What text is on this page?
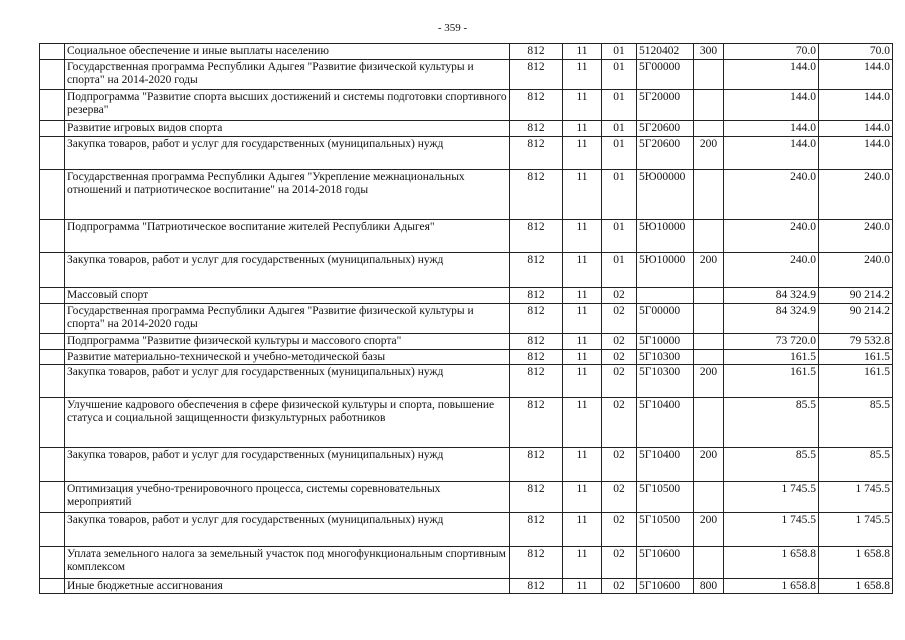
- 359 -
	Социальное обеспечение и иные выплаты населению	812	11	01	5120402	300	70.0	70.0
	Государственная программа Республики Адыгея "Развитие физической культуры и спорта" на 2014-2020 годы	812	11	01	5Г00000		144.0	144.0
	Подпрограмма "Развитие спорта высших достижений и системы подготовки спортивного резерва"	812	11	01	5Г20000		144.0	144.0
	Развитие игровых видов спорта	812	11	01	5Г20600		144.0	144.0
	Закупка товаров, работ и услуг для государственных (муниципальных) нужд	812	11	01	5Г20600	200	144.0	144.0
	Государственная программа Республики Адыгея "Укрепление межнациональных отношений и патриотическое воспитание" на 2014-2018 годы	812	11	01	5Ю00000		240.0	240.0
	Подпрограмма "Патриотическое воспитание жителей Республики Адыгея"	812	11	01	5Ю10000		240.0	240.0
	Закупка товаров, работ и услуг для государственных (муниципальных) нужд	812	11	01	5Ю10000	200	240.0	240.0
	Массовый спорт	812	11	02			84 324.9	90 214.2
	Государственная программа Республики Адыгея "Развитие физической культуры и спорта" на 2014-2020 годы	812	11	02	5Г00000		84 324.9	90 214.2
	Подпрограмма "Развитие физической культуры и массового спорта"	812	11	02	5Г10000		73 720.0	79 532.8
	Развитие материально-технической и учебно-методической базы	812	11	02	5Г10300		161.5	161.5
	Закупка товаров, работ и услуг для государственных (муниципальных) нужд	812	11	02	5Г10300	200	161.5	161.5
	Улучшение кадрового обеспечения в сфере физической культуры и спорта, повышение статуса и социальной защищенности физкультурных работников	812	11	02	5Г10400		85.5	85.5
	Закупка товаров, работ и услуг для государственных (муниципальных) нужд	812	11	02	5Г10400	200	85.5	85.5
	Оптимизация учебно-тренировочного процесса, системы соревновательных мероприятий	812	11	02	5Г10500		1 745.5	1 745.5
	Закупка товаров, работ и услуг для государственных (муниципальных) нужд	812	11	02	5Г10500	200	1 745.5	1 745.5
	Уплата земельного налога за земельный участок под многофункциональным спортивным комплексом	812	11	02	5Г10600		1 658.8	1 658.8
	Иные бюджетные ассигнования	812	11	02	5Г10600	800	1 658.8	1 658.8
